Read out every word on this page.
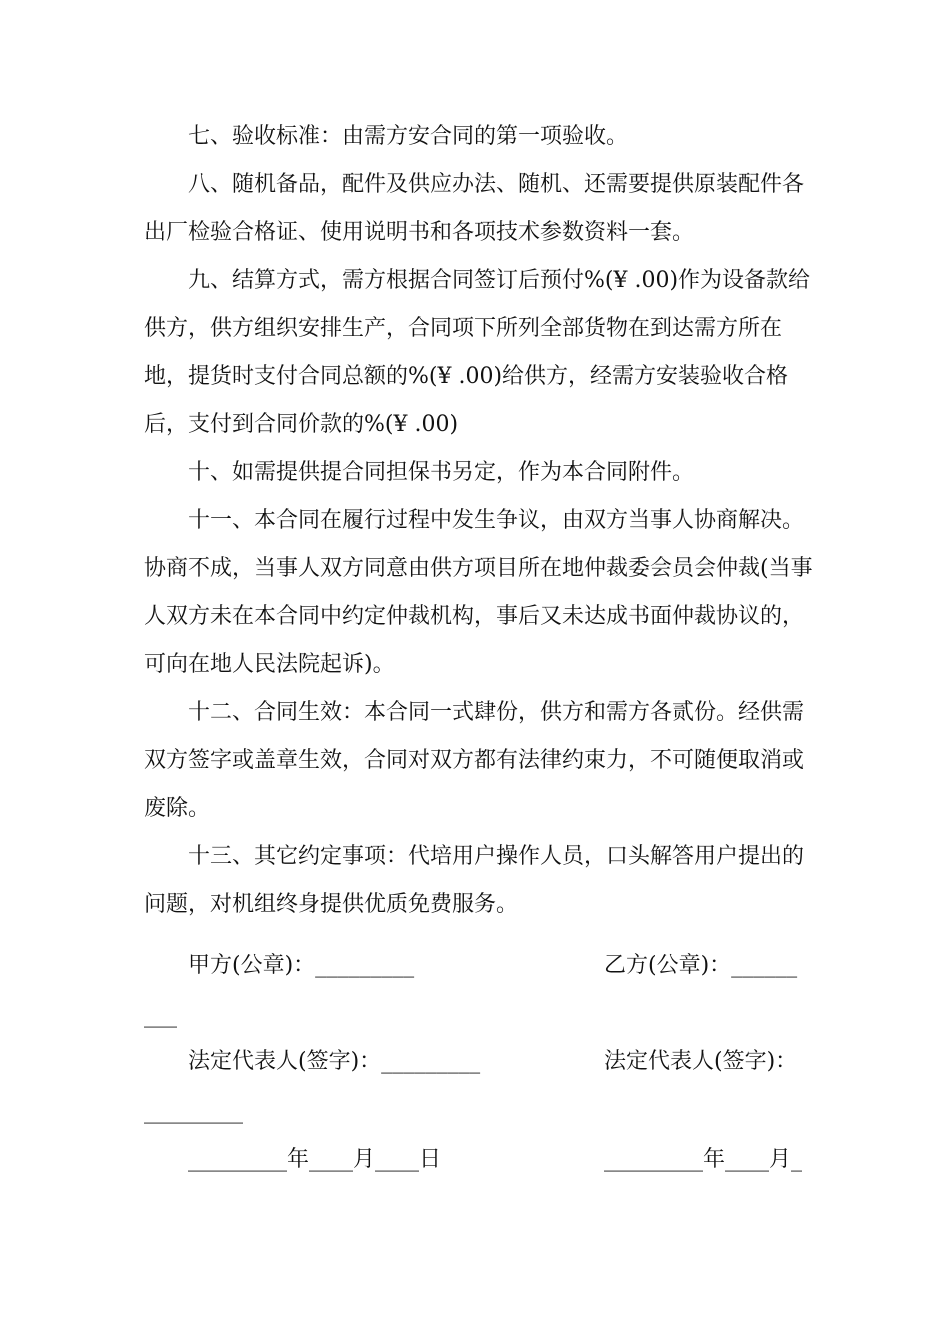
七、验收标准：由需方安合同的第一项验收。

八、随机备品，配件及供应办法、随机、还需要提供原装配件各出厂检验合格证、使用说明书和各项技术参数资料一套。

九、结算方式，需方根据合同签订后预付%(¥ .00)作为设备款给供方，供方组织安排生产，合同项下所列全部货物在到达需方所在地，提货时支付合同总额的%(¥ .00)给供方，经需方安装验收合格后，支付到合同价款的%(¥ .00)

十、如需提供提合同担保书另定，作为本合同附件。

十一、本合同在履行过程中发生争议，由双方当事人协商解决。协商不成，当事人双方同意由供方项目所在地仲裁委会员会仲裁(当事人双方未在本合同中约定仲裁机构，事后又未达成书面仲裁协议的，可向在地人民法院起诉)。

十二、合同生效：本合同一式肆份，供方和需方各贰份。经供需双方签字或盖章生效，合同对双方都有法律约束力，不可随便取消或废除。

十三、其它约定事项：代培用户操作人员，口头解答用户提出的问题，对机组终身提供优质免费服务。

甲方(公章)：_________	乙方(公章)：______
___
法定代表人(签字)：_________	法定代表人(签字)：
_________
_________年____月____日	_________年____月_
